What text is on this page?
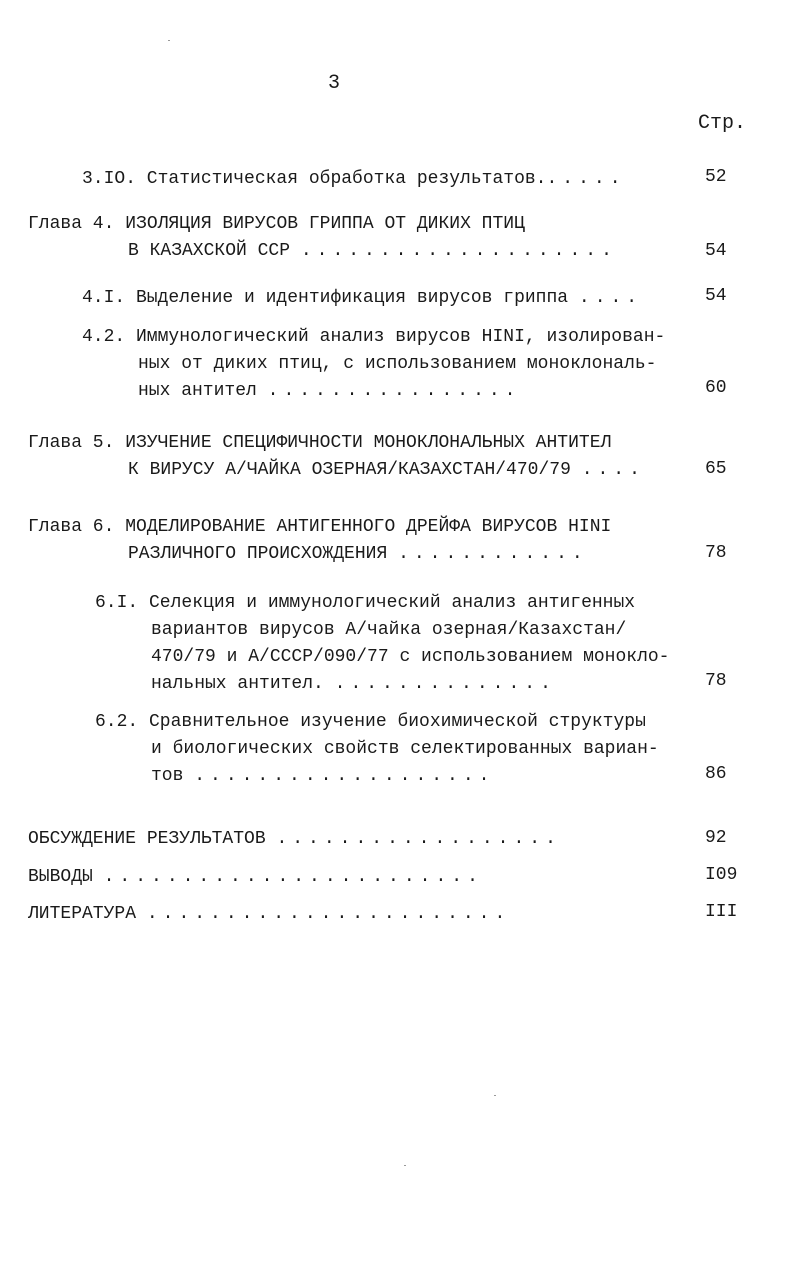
3
Стр.
3.IO. Статистическая обработка результатов......	52
Глава 4. ИЗОЛЯЦИЯ ВИРУСОВ ГРИППА ОТ ДИКИХ ПТИЦ
В КАЗАХСКОЙ ССР ....................	54
4.I. Выделение и идентификация вирусов гриппа ....	54
4.2. Иммунологический анализ вирусов HINI, изолирован-
ных от диких птиц, с использованием моноклональ-
ных антител ................	60
Глава 5. ИЗУЧЕНИЕ СПЕЦИФИЧНОСТИ МОНОКЛОНАЛЬНЫХ АНТИТЕЛ
К ВИРУСУ А/ЧАЙКА ОЗЕРНАЯ/КАЗАХСТАН/470/79 ....	65
Глава 6. МОДЕЛИРОВАНИЕ АНТИГЕННОГО ДРЕЙФА ВИРУСОВ HINI
РАЗЛИЧНОГО ПРОИСХОЖДЕНИЯ ............	78
6.I. Селекция и иммунологический анализ антигенных
вариантов вирусов А/чайка озерная/Казахстан/
470/79 и А/СССР/090/77 с использованием монокло-
нальных антител. ..............	78
6.2. Сравнительное изучение биохимической структуры
и биологических свойств селектированных вариан-
тов ...................	86
ОБСУЖДЕНИЕ РЕЗУЛЬТАТОВ ..................	92
ВЫВОДЫ ........................	I09
ЛИТЕРАТУРА .......................	III
